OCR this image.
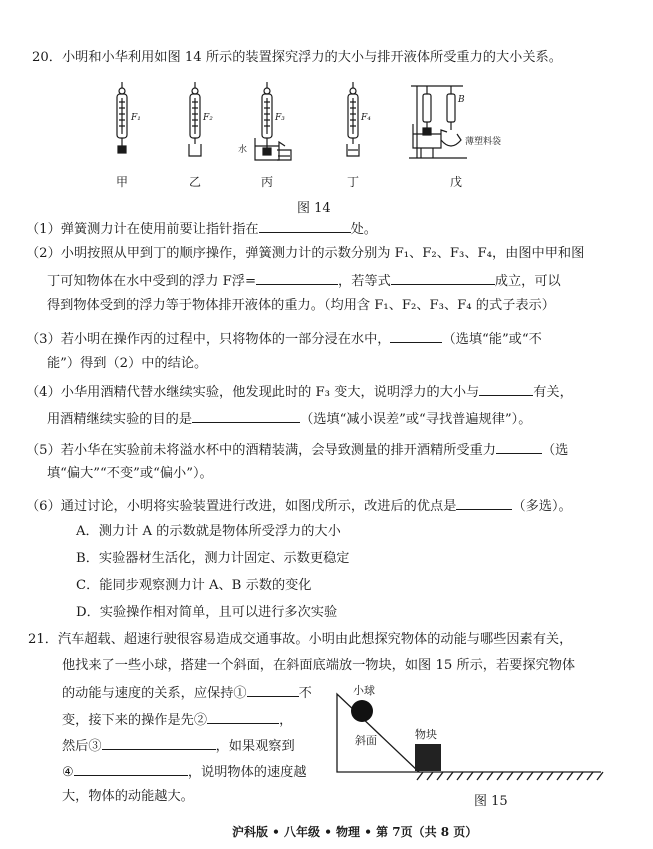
20．小明和小华利用如图 14 所示的装置探究浮力的大小与排开液体所受重力的大小关系。
F₁	F₂	F₃	F₄
水
B
薄塑料袋
甲	乙	丙	丁	戊
图 14
（1）弹簧测力计在使用前要让指针指在	处。
（2）小明按照从甲到丁的顺序操作，弹簧测力计的示数分别为 F₁、F₂、F₃、F₄，由图中甲和图
丁可知物体在水中受到的浮力 F浮=	，若等式	成立，可以
得到物体受到的浮力等于物体排开液体的重力。（均用含 F₁、F₂、F₃、F₄ 的式子表示）
（3）若小明在操作丙的过程中，只将物体的一部分浸在水中，	（选填“能”或“不
能”）得到（2）中的结论。
（4）小华用酒精代替水继续实验，他发现此时的 F₃ 变大，说明浮力的大小与	有关，
用酒精继续实验的目的是	（选填“减小误差”或“寻找普遍规律”）。
（5）若小华在实验前未将溢水杯中的酒精装满，会导致测量的排开酒精所受重力	（选
填“偏大”“不变”或“偏小”）。
（6）通过讨论，小明将实验装置进行改进，如图戊所示，改进后的优点是	（多选）。
A．测力计 A 的示数就是物体所受浮力的大小
B．实验器材生活化，测力计固定、示数更稳定
C．能同步观察测力计 A、B 示数的变化
D．实验操作相对简单，且可以进行多次实验
21．汽车超载、超速行驶很容易造成交通事故。小明由此想探究物体的动能与哪些因素有关，
他找来了一些小球，搭建一个斜面，在斜面底端放一物块，如图 15 所示，若要探究物体
的动能与速度的关系，应保持①	不
变，接下来的操作是先②	，
然后③	，如果观察到
④	，说明物体的速度越
大，物体的动能越大。
小球
斜面	物块
图 15
沪科版 • 八年级 • 物理 • 第 7页（共 8 页）
